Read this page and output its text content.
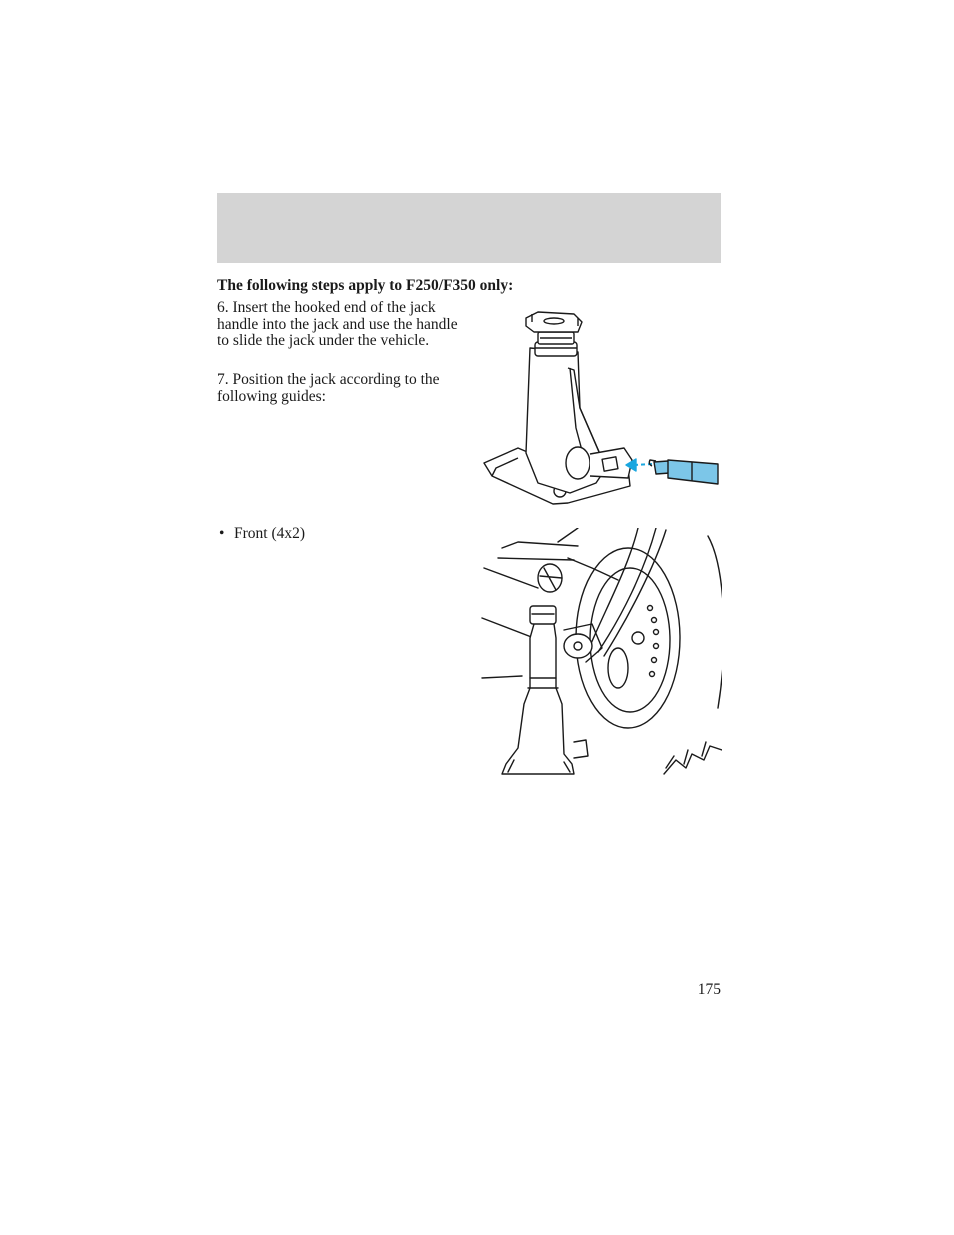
The following steps apply to F250/F350 only:

6. Insert the hooked end of the jack handle into the jack and use the handle to slide the jack under the vehicle.

7. Position the jack according to the following guides:

• Front (4x2)

175
